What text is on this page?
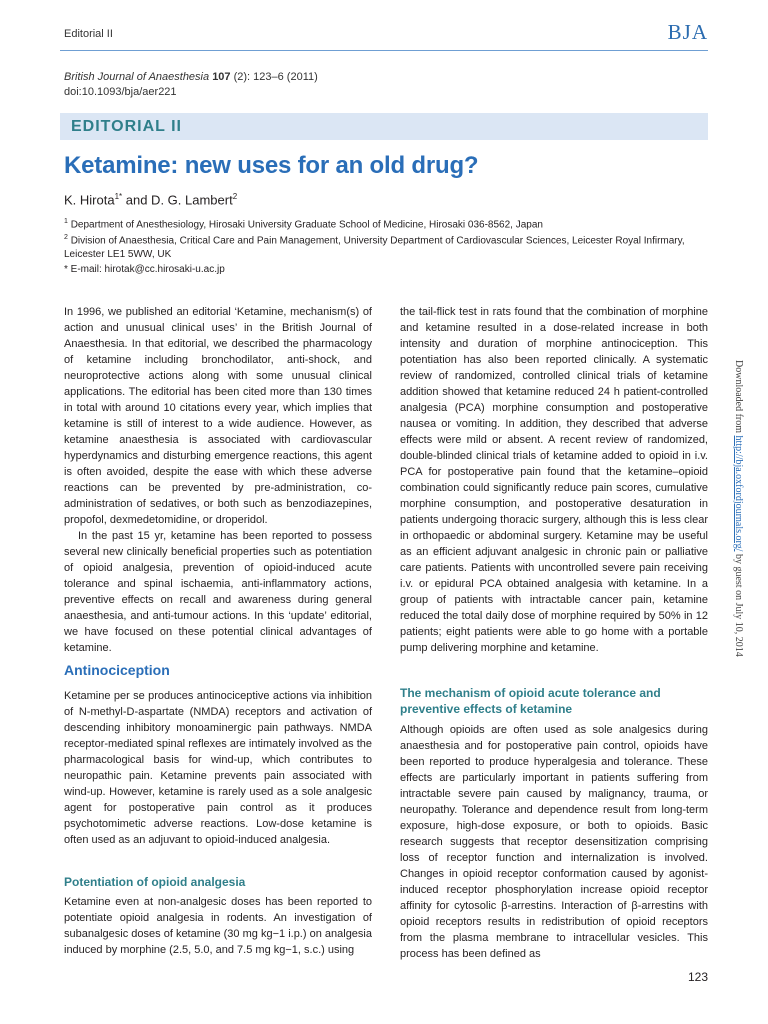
Editorial II	BJA
British Journal of Anaesthesia 107 (2): 123–6 (2011)
doi:10.1093/bja/aer221
EDITORIAL II
Ketamine: new uses for an old drug?
K. Hirota$^{1*}$ and D. G. Lambert$^2$
$^1$ Department of Anesthesiology, Hirosaki University Graduate School of Medicine, Hirosaki 036-8562, Japan
$^2$ Division of Anaesthesia, Critical Care and Pain Management, University Department of Cardiovascular Sciences, Leicester Royal Infirmary, Leicester LE1 5WW, UK
* E-mail: hirotak@cc.hirosaki-u.ac.jp

In 1996, we published an editorial ‘Ketamine, mechanism(s) of action and unusual clinical uses’ in the British Journal of Anaesthesia. In that editorial, we described the pharmacology of ketamine including bronchodilator, anti-shock, and neuroprotective actions along with some unusual clinical applications. The editorial has been cited more than 130 times in total with around 10 citations every year, which implies that ketamine is still of interest to a wide audience. However, as ketamine anaesthesia is associated with cardiovascular hyperdynamics and disturbing emergence reactions, this agent is often avoided, despite the ease with which these adverse reactions can be prevented by pre-administration, co-administration of sedatives, or both such as benzodiazepines, propofol, dexmedetomidine, or droperidol.

In the past 15 yr, ketamine has been reported to possess several new clinically beneficial properties such as potentiation of opioid analgesia, prevention of opioid-induced acute tolerance and spinal ischaemia, anti-inflammatory actions, preventive effects on recall and awareness during general anaesthesia, and anti-tumour actions. In this ‘update’ editorial, we have focused on these potential clinical advantages of ketamine.

Antinociception

Ketamine per se produces antinociceptive actions via inhibition of N-methyl-D-aspartate (NMDA) receptors and activation of descending inhibitory monoaminergic pain pathways. NMDA receptor-mediated spinal reflexes are intimately involved as the pharmacological basis for wind-up, which contributes to neuropathic pain. Ketamine prevents pain associated with wind-up. However, ketamine is rarely used as a sole analgesic agent for postoperative pain control as it produces psychotomimetic adverse reactions. Low-dose ketamine is often used as an adjuvant to opioid-induced analgesia.

Potentiation of opioid analgesia

Ketamine even at non-analgesic doses has been reported to potentiate opioid analgesia in rodents. An investigation of subanalgesic doses of ketamine (30 mg kg−1 i.p.) on analgesia induced by morphine (2.5, 5.0, and 7.5 mg kg−1, s.c.) using

the tail-flick test in rats found that the combination of morphine and ketamine resulted in a dose-related increase in both intensity and duration of morphine antinociception. This potentiation has also been reported clinically. A systematic review of randomized, controlled clinical trials of ketamine addition showed that ketamine reduced 24 h patient-controlled analgesia (PCA) morphine consumption and postoperative nausea or vomiting. In addition, they described that adverse effects were mild or absent. A recent review of randomized, double-blinded clinical trials of ketamine added to opioid in i.v. PCA for postoperative pain found that the ketamine–opioid combination could significantly reduce pain scores, cumulative morphine consumption, and postoperative desaturation in patients undergoing thoracic surgery, although this is less clear in orthopaedic or abdominal surgery. Ketamine may be useful as an efficient adjuvant analgesic in chronic pain or palliative care patients. Patients with uncontrolled severe pain receiving i.v. or epidural PCA obtained analgesia with ketamine. In a group of patients with intractable cancer pain, ketamine reduced the total daily dose of morphine required by 50% in 12 patients; eight patients were able to go home with a portable pump delivering morphine and ketamine.

The mechanism of opioid acute tolerance and preventive effects of ketamine

Although opioids are often used as sole analgesics during anaesthesia and for postoperative pain control, opioids have been reported to produce hyperalgesia and tolerance. These effects are particularly important in patients suffering from intractable severe pain caused by malignancy, trauma, or neuropathy. Tolerance and dependence result from long-term exposure, high-dose exposure, or both to opioids. Basic research suggests that receptor desensitization comprising loss of receptor function and internalization is involved. Changes in opioid receptor conformation caused by agonist-induced receptor phosphorylation increase opioid receptor affinity for cytosolic β-arrestins. Interaction of β-arrestins with opioid receptors results in redistribution of opioid receptors from the plasma membrane to intracellular vesicles. This process has been defined as

Downloaded from http://bja.oxfordjournals.org/ by guest on July 10, 2014
123
